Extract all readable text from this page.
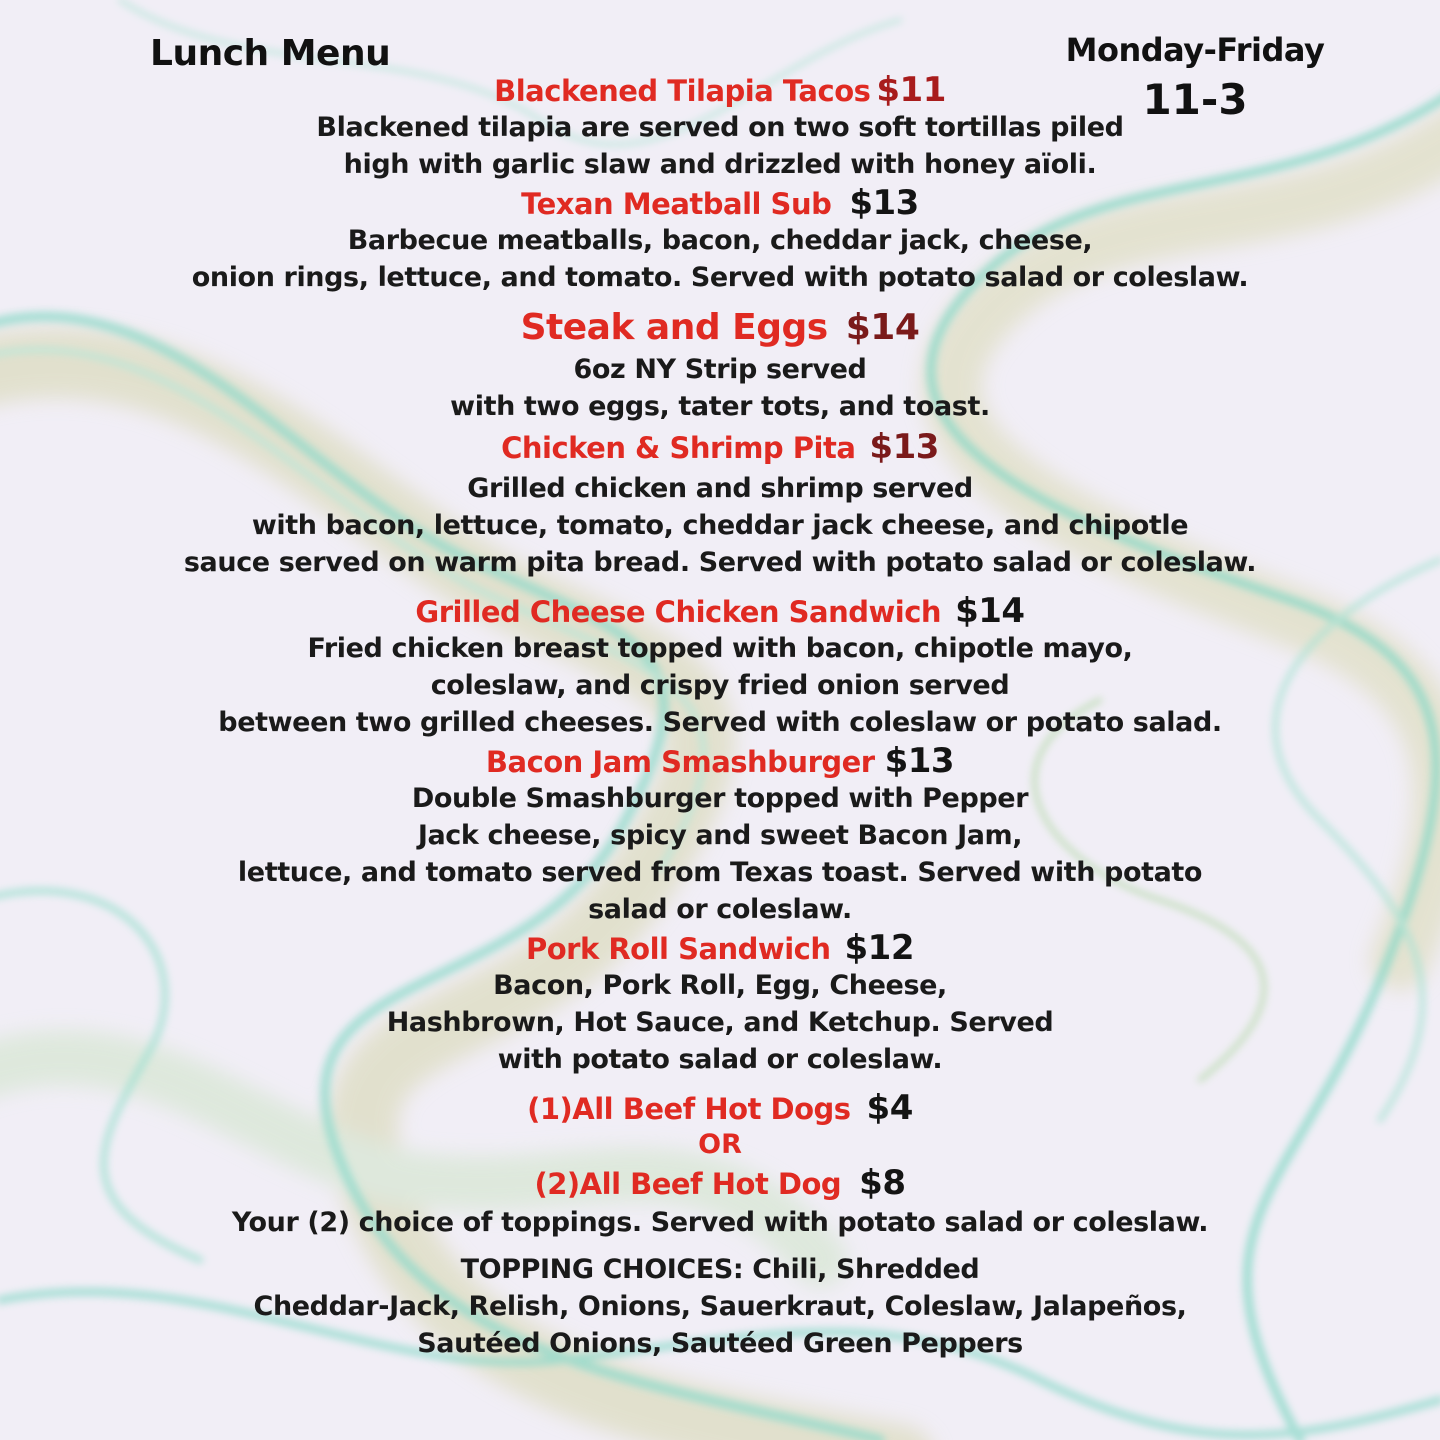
Lunch Menu	Monday-Friday
11-3
Blackened Tilapia Tacos $11
Blackened tilapia are served on two soft tortillas piled
high with garlic slaw and drizzled with honey aïoli.
Texan Meatball Sub $13
Barbecue meatballs, bacon, cheddar jack, cheese,
onion rings, lettuce, and tomato. Served with potato salad or coleslaw.
Steak and Eggs $14
6oz NY Strip served
with two eggs, tater tots, and toast.
Chicken & Shrimp Pita $13
Grilled chicken and shrimp served
with bacon, lettuce, tomato, cheddar jack cheese, and chipotle
sauce served on warm pita bread. Served with potato salad or coleslaw.
Grilled Cheese Chicken Sandwich $14
Fried chicken breast topped with bacon, chipotle mayo,
coleslaw, and crispy fried onion served
between two grilled cheeses. Served with coleslaw or potato salad.
Bacon Jam Smashburger $13
Double Smashburger topped with Pepper
Jack cheese, spicy and sweet Bacon Jam,
lettuce, and tomato served from Texas toast. Served with potato
salad or coleslaw.
Pork Roll Sandwich $12
Bacon, Pork Roll, Egg, Cheese,
Hashbrown, Hot Sauce, and Ketchup. Served
with potato salad or coleslaw.
(1)All Beef Hot Dogs $4
OR
(2)All Beef Hot Dog $8
Your (2) choice of toppings. Served with potato salad or coleslaw.
TOPPING CHOICES: Chili, Shredded
Cheddar-Jack, Relish, Onions, Sauerkraut, Coleslaw, Jalapeños,
Sautéed Onions, Sautéed Green Peppers
